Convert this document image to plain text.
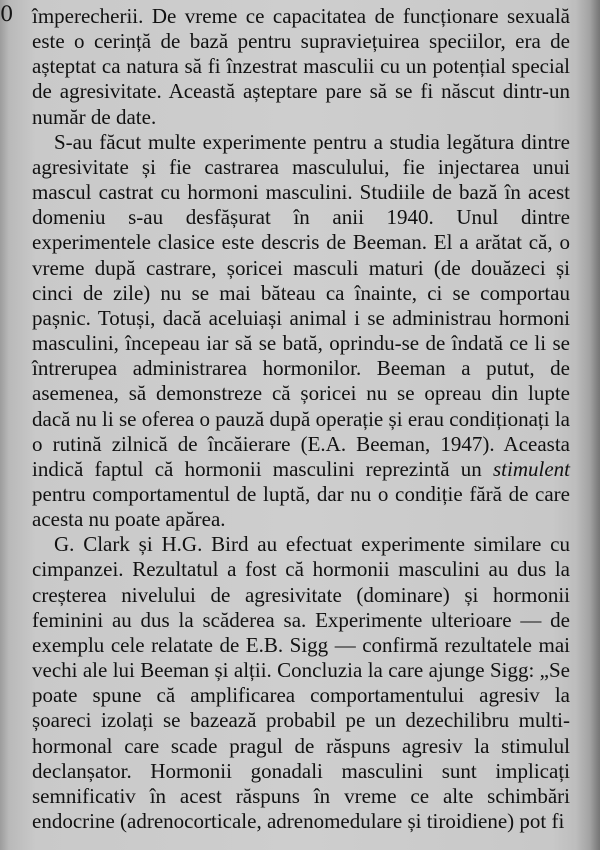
0 împerecherii. De vreme ce capacitatea de funcționare sexuală este o cerință de bază pentru supraviețuirea speciilor, era de așteptat ca natura să fi înzestrat masculii cu un potențial special de agresivitate. Această așteptare pare să se fi născut dintr-un număr de date.

S-au făcut multe experimente pentru a studia legătura dintre agresivitate și fie castrarea masculului, fie injectarea unui mascul castrat cu hormoni masculini. Studiile de bază în acest domeniu s-au desfășurat în anii 1940. Unul dintre experimentele clasice este descris de Beeman. El a arătat că, o vreme după castrare, șoricei masculi maturi (de douăzeci și cinci de zile) nu se mai băteau ca înainte, ci se comportau pașnic. Totuși, dacă aceluiași animal i se administrau hormoni masculini, începeau iar să se bată, oprindu-se de îndată ce li se întrerupea administrarea hormonilor. Beeman a putut, de asemenea, să demonstreze că șoricei nu se opreau din lupte dacă nu li se oferea o pauză după operație și erau condiționați la o rutină zilnică de încăierare (E.A. Beeman, 1947). Aceasta indică faptul că hormonii masculini reprezintă un stimulent pentru comportamentul de luptă, dar nu o condiție fără de care acesta nu poate apărea.

G. Clark și H.G. Bird au efectuat experimente similare cu cimpanzei. Rezultatul a fost că hormonii masculini au dus la creșterea nivelului de agresivitate (dominare) și hormonii feminini au dus la scăderea sa. Experimente ulterioare — de exemplu cele relatate de E.B. Sigg — confirmă rezultatele mai vechi ale lui Beeman și alții. Concluzia la care ajunge Sigg: „Se poate spune că amplificarea comportamentului agresiv la șoareci izolați se bazează probabil pe un dezechilibru multi-hormonal care scade pragul de răspuns agresiv la stimulul declanșator. Hormonii gonadali masculini sunt implicați semnificativ în acest răspuns în vreme ce alte schimbări endocrine (adrenocorticale, adrenomedulare și tiroidiene) pot fi
